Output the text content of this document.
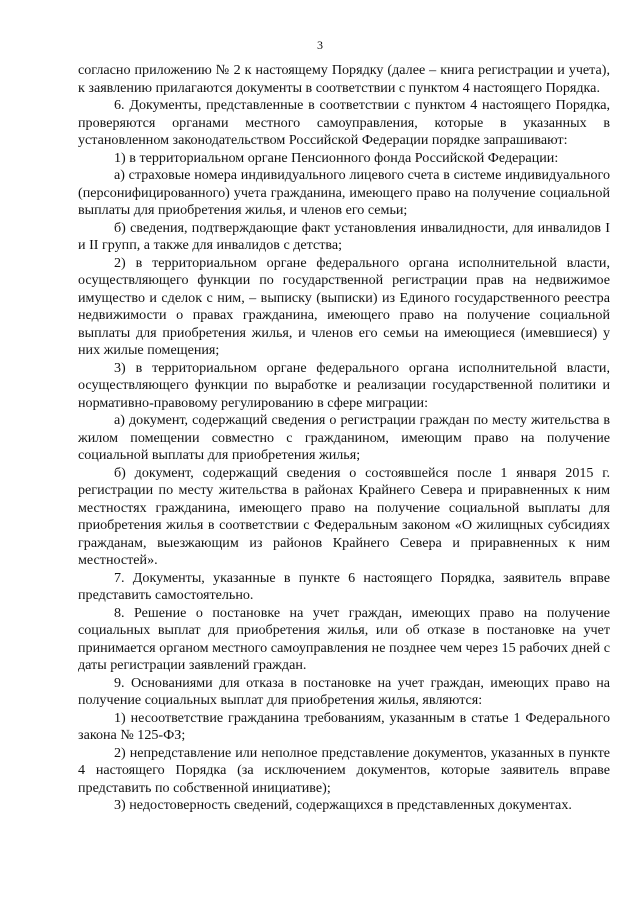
3

согласно приложению № 2 к настоящему Порядку (далее – книга регистрации и учета), к заявлению прилагаются документы в соответствии с пунктом 4 настоящего Порядка.

6. Документы, представленные в соответствии с пунктом 4 настоящего Порядка, проверяются органами местного самоуправления, которые в указанных в установленном законодательством Российской Федерации порядке запрашивают:

1) в территориальном органе Пенсионного фонда Российской Федерации:

а) страховые номера индивидуального лицевого счета в системе индивидуального (персонифицированного) учета гражданина, имеющего право на получение социальной выплаты для приобретения жилья, и членов его семьи;

б) сведения, подтверждающие факт установления инвалидности, для инвалидов I и II групп, а также для инвалидов с детства;

2) в территориальном органе федерального органа исполнительной власти, осуществляющего функции по государственной регистрации прав на недвижимое имущество и сделок с ним, – выписку (выписки) из Единого государственного реестра недвижимости о правах гражданина, имеющего право на получение социальной выплаты для приобретения жилья, и членов его семьи на имеющиеся (имевшиеся) у них жилые помещения;

3) в территориальном органе федерального органа исполнительной власти, осуществляющего функции по выработке и реализации государственной политики и нормативно-правовому регулированию в сфере миграции:

а) документ, содержащий сведения о регистрации граждан по месту жительства в жилом помещении совместно с гражданином, имеющим право на получение социальной выплаты для приобретения жилья;

б) документ, содержащий сведения о состоявшейся после 1 января 2015 г. регистрации по месту жительства в районах Крайнего Севера и приравненных к ним местностях гражданина, имеющего право на получение социальной выплаты для приобретения жилья в соответствии с Федеральным законом «О жилищных субсидиях гражданам, выезжающим из районов Крайнего Севера и приравненных к ним местностей».

7. Документы, указанные в пункте 6 настоящего Порядка, заявитель вправе представить самостоятельно.

8. Решение о постановке на учет граждан, имеющих право на получение социальных выплат для приобретения жилья, или об отказе в постановке на учет принимается органом местного самоуправления не позднее чем через 15 рабочих дней с даты регистрации заявлений граждан.

9. Основаниями для отказа в постановке на учет граждан, имеющих право на получение социальных выплат для приобретения жилья, являются:

1) несоответствие гражданина требованиям, указанным в статье 1 Федерального закона № 125-ФЗ;

2) непредставление или неполное представление документов, указанных в пункте 4 настоящего Порядка (за исключением документов, которые заявитель вправе представить по собственной инициативе);

3) недостоверность сведений, содержащихся в представленных документах.
